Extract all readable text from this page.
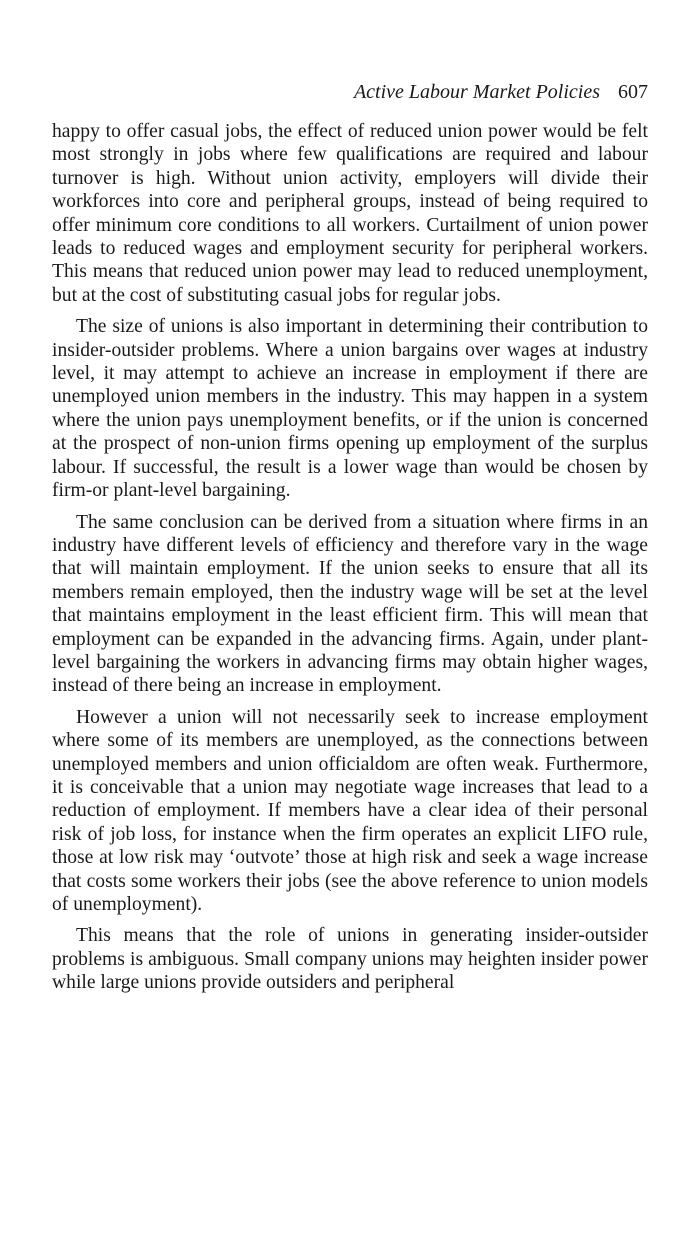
Active Labour Market Policies 607

happy to offer casual jobs, the effect of reduced union power would be felt most strongly in jobs where few qualifications are required and labour turnover is high. Without union activity, employers will divide their workforces into core and peripheral groups, instead of being required to offer minimum core conditions to all workers. Curtailment of union power leads to reduced wages and employment security for peripheral workers. This means that reduced union power may lead to reduced unemployment, but at the cost of substituting casual jobs for regular jobs.

The size of unions is also important in determining their contribution to insider-outsider problems. Where a union bargains over wages at industry level, it may attempt to achieve an increase in employment if there are unemployed union members in the industry. This may happen in a system where the union pays unemployment benefits, or if the union is concerned at the prospect of non-union firms opening up employment of the surplus labour. If successful, the result is a lower wage than would be chosen by firm-or plant-level bargaining.

The same conclusion can be derived from a situation where firms in an industry have different levels of efficiency and therefore vary in the wage that will maintain employment. If the union seeks to ensure that all its members remain employed, then the industry wage will be set at the level that maintains employment in the least efficient firm. This will mean that employment can be expanded in the advancing firms. Again, under plant-level bargaining the workers in advancing firms may obtain higher wages, instead of there being an increase in employment.

However a union will not necessarily seek to increase employment where some of its members are unemployed, as the connections between unemployed members and union officialdom are often weak. Furthermore, it is conceivable that a union may negotiate wage increases that lead to a reduction of employment. If members have a clear idea of their personal risk of job loss, for instance when the firm operates an explicit LIFO rule, those at low risk may ‘outvote’ those at high risk and seek a wage increase that costs some workers their jobs (see the above reference to union models of unemployment).

This means that the role of unions in generating insider-outsider problems is ambiguous. Small company unions may heighten insider power while large unions provide outsiders and peripheral
